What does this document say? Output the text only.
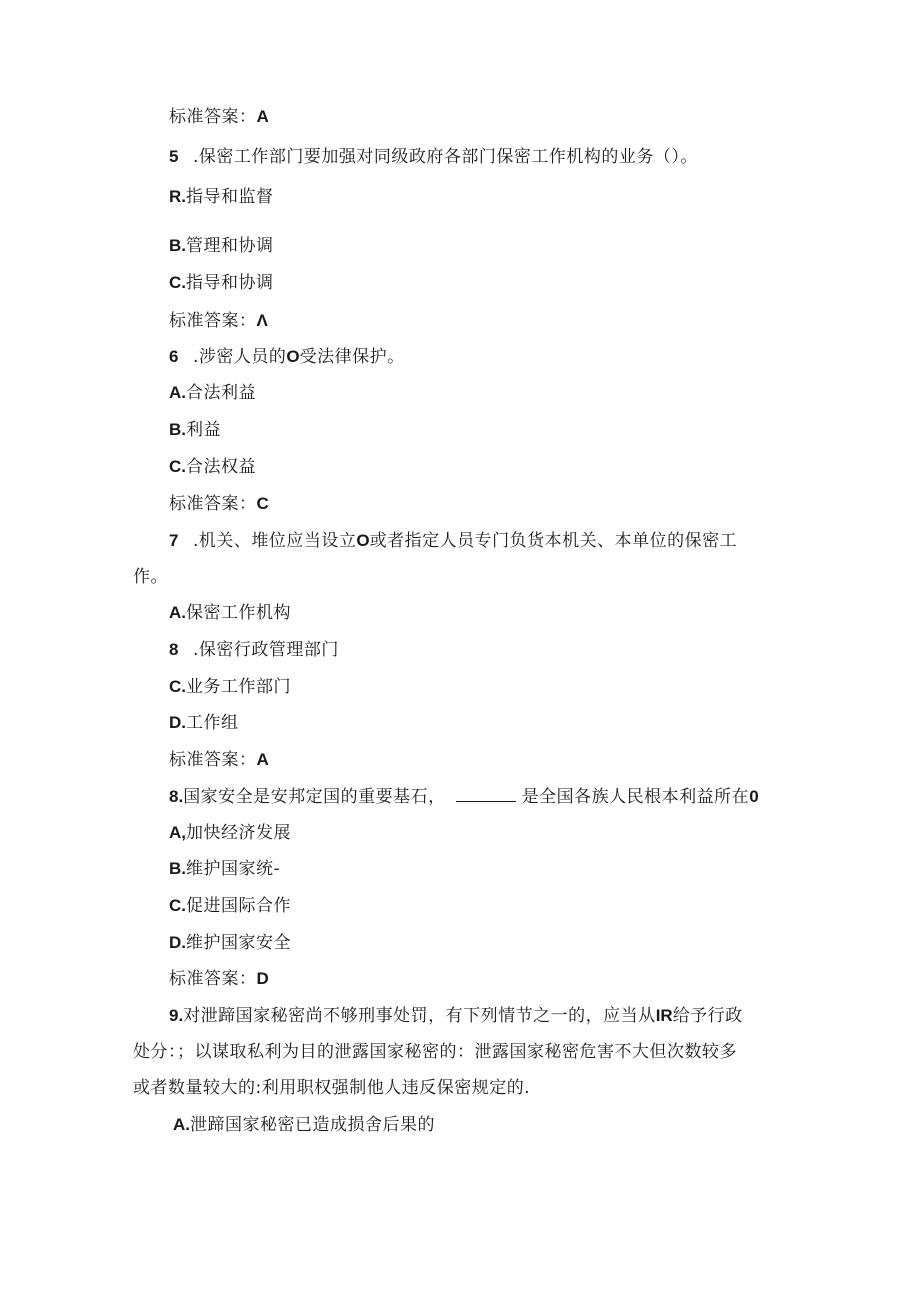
标准答案：A
5 .保密工作部门要加强对同级政府各部门保密工作机构的业务（）。
R.指导和监督
B.管理和协调
C.指导和协调
标准答案：Λ
6 .涉密人员的O受法律保护。
A.合法利益
B.利益
C.合法权益
标准答案：C
7 .机关、堆位应当设立O或者指定人员专门负货本机关、本单位的保密工
作。
A.保密工作机构
8 .保密行政管理部门
C.业务工作部门
D.工作组
标准答案：A
8.国家安全是安邦定国的重要基石，	是全国各族人民根本利益所在0
A,加快经济发展
B.维护国家统-
C.促进国际合作
D.维护国家安全
标准答案：D
9.对泄蹄国家秘密尚不够刑事处罚，有下列情节之一的，应当从IR给予行政
处分：；以谋取私利为目的泄露国家秘密的：泄露国家秘密危害不大但次数较多
或者数量较大的:利用职权强制他人违反保密规定的.
A.泄蹄国家秘密已造成损舍后果的
